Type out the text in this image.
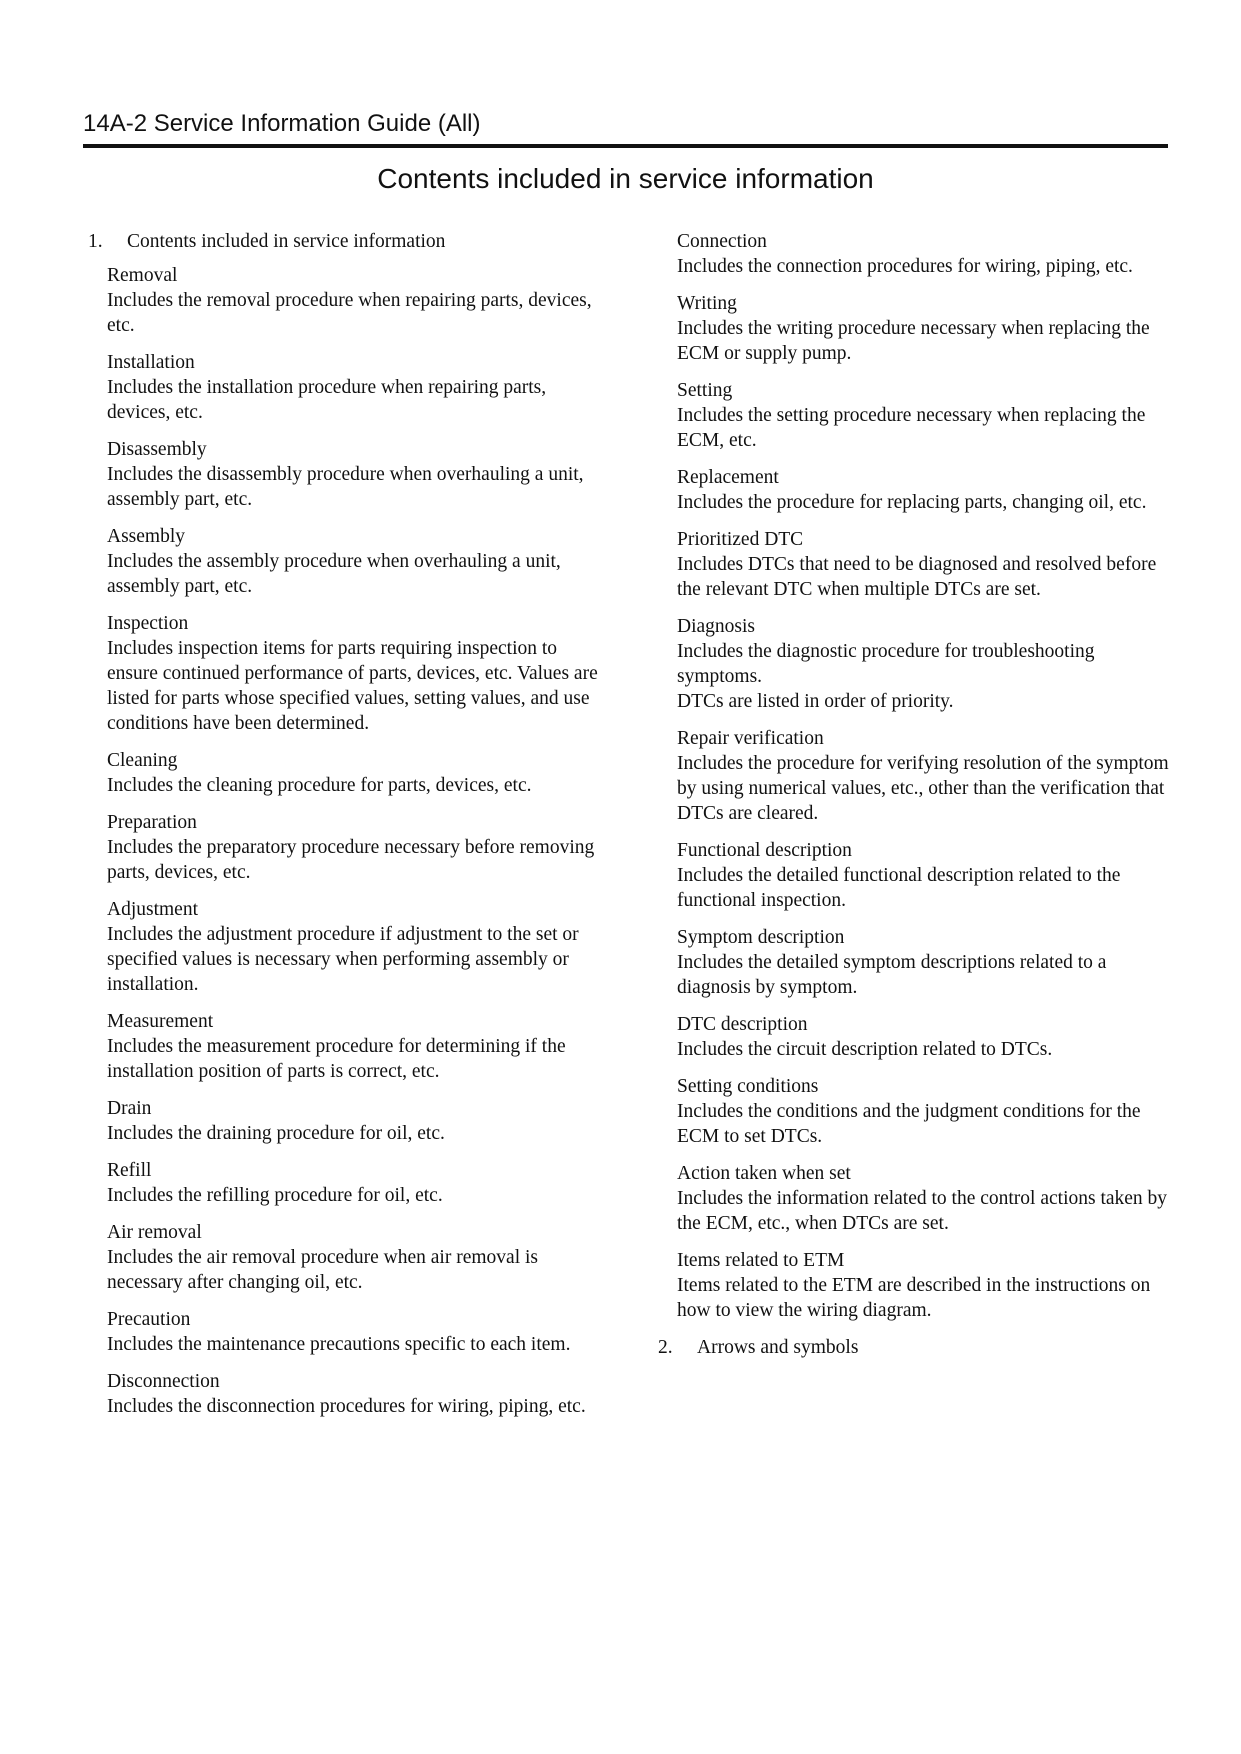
14A-2 Service Information Guide (All)
Contents included in service information
1.	Contents included in service information

Removal

Includes the removal procedure when repairing parts, devices, etc.

Installation

Includes the installation procedure when repairing parts, devices, etc.

Disassembly

Includes the disassembly procedure when overhauling a unit, assembly part, etc.

Assembly

Includes the assembly procedure when overhauling a unit, assembly part, etc.

Inspection

Includes inspection items for parts requiring inspection to ensure continued performance of parts, devices, etc. Values are listed for parts whose specified values, setting values, and use conditions have been determined.

Cleaning

Includes the cleaning procedure for parts, devices, etc.

Preparation

Includes the preparatory procedure necessary before removing parts, devices, etc.

Adjustment

Includes the adjustment procedure if adjustment to the set or specified values is necessary when performing assembly or installation.

Measurement

Includes the measurement procedure for determining if the installation position of parts is correct, etc.

Drain

Includes the draining procedure for oil, etc.

Refill

Includes the refilling procedure for oil, etc.

Air removal

Includes the air removal procedure when air removal is necessary after changing oil, etc.

Precaution

Includes the maintenance precautions specific to each item.

Disconnection

Includes the disconnection procedures for wiring, piping, etc.

Connection

Includes the connection procedures for wiring, piping, etc.

Writing

Includes the writing procedure necessary when replacing the ECM or supply pump.

Setting

Includes the setting procedure necessary when replacing the ECM, etc.

Replacement

Includes the procedure for replacing parts, changing oil, etc.

Prioritized DTC

Includes DTCs that need to be diagnosed and resolved before the relevant DTC when multiple DTCs are set.

Diagnosis

Includes the diagnostic procedure for troubleshooting symptoms.

DTCs are listed in order of priority.

Repair verification

Includes the procedure for verifying resolution of the symptom by using numerical values, etc., other than the verification that DTCs are cleared.

Functional description

Includes the detailed functional description related to the functional inspection.

Symptom description

Includes the detailed symptom descriptions related to a diagnosis by symptom.

DTC description

Includes the circuit description related to DTCs.

Setting conditions

Includes the conditions and the judgment conditions for the ECM to set DTCs.

Action taken when set

Includes the information related to the control actions taken by the ECM, etc., when DTCs are set.

Items related to ETM

Items related to the ETM are described in the instructions on how to view the wiring diagram.

2.	Arrows and symbols
